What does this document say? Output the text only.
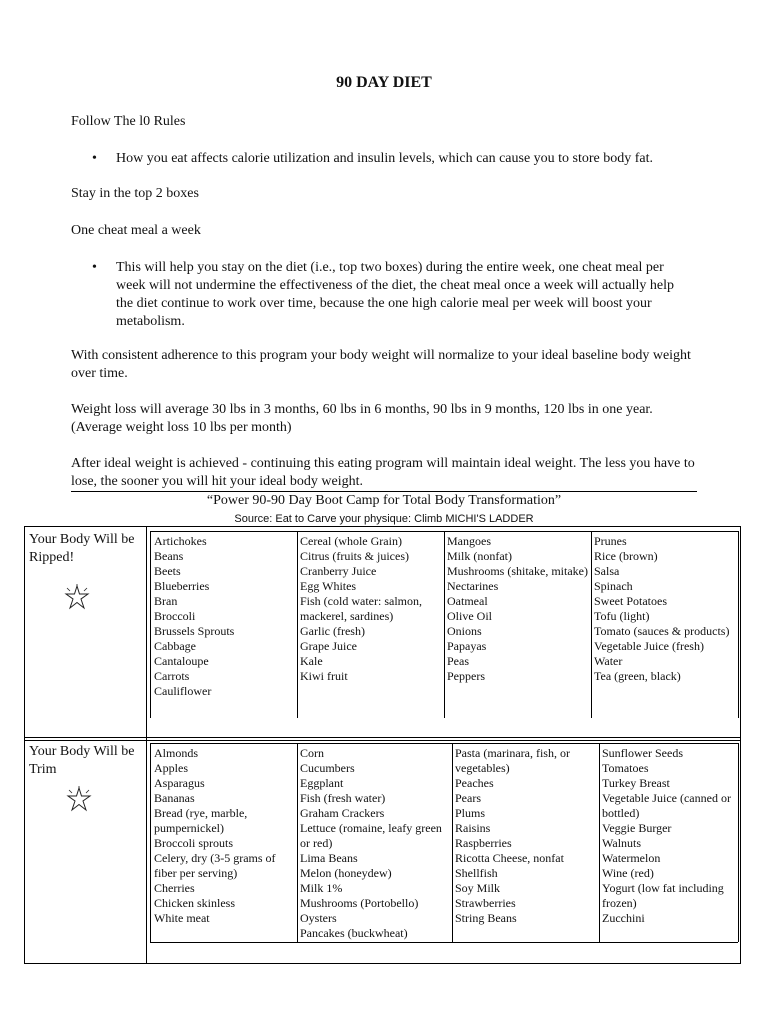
90 DAY DIET
Follow The l0 Rules
• How you eat affects calorie utilization and insulin levels, which can cause you to store body fat.
Stay in the top 2 boxes
One cheat meal a week
• This will help you stay on the diet (i.e., top two boxes) during the entire week, one cheat meal per week will not undermine the effectiveness of the diet, the cheat meal once a week will actually help the diet continue to work over time, because the one high calorie meal per week will boost your metabolism.
With consistent adherence to this program your body weight will normalize to your ideal baseline body weight over time.
Weight loss will average 30 lbs in 3 months, 60 lbs in 6 months, 90 lbs in 9 months, 120 lbs in one year. (Average weight loss 10 lbs per month)
After ideal weight is achieved - continuing this eating program will maintain ideal weight. The less you have to lose, the sooner you will hit your ideal body weight.
“Power 90-90 Day Boot Camp for Total Body Transformation”
Source: Eat to Carve your physique: Climb MICHI'S LADDER
Your Body Will be Ripped!
Your Body Will be Trim
Artichokes
Beans
Beets
Blueberries
Bran
Broccoli
Brussels Sprouts
Cabbage
Cantaloupe
Carrots
Cauliflower
Cereal (whole Grain)
Citrus (fruits & juices)
Cranberry Juice
Egg Whites
Fish (cold water: salmon, mackerel, sardines)
Garlic (fresh)
Grape Juice
Kale
Kiwi fruit
Mangoes
Milk (nonfat)
Mushrooms (shitake, mitake)
Nectarines
Oatmeal
Olive Oil
Onions
Papayas
Peas
Peppers
Prunes
Rice (brown)
Salsa
Spinach
Sweet Potatoes
Tofu (light)
Tomato (sauces & products)
Vegetable Juice (fresh)
Water
Tea (green, black)
Almonds
Apples
Asparagus
Bananas
Bread (rye, marble, pumpernickel)
Broccoli sprouts
Celery, dry (3-5 grams of fiber per serving)
Cherries
Chicken skinless
White meat
Corn
Cucumbers
Eggplant
Fish (fresh water)
Graham Crackers
Lettuce (romaine, leafy green or red)
Lima Beans
Melon (honeydew)
Milk 1%
Mushrooms (Portobello)
Oysters
Pancakes (buckwheat)
Pasta (marinara, fish, or vegetables)
Peaches
Pears
Plums
Raisins
Raspberries
Ricotta Cheese, nonfat
Shellfish
Soy Milk
Strawberries
String Beans
Sunflower Seeds
Tomatoes
Turkey Breast
Vegetable Juice (canned or bottled)
Veggie Burger
Walnuts
Watermelon
Wine (red)
Yogurt (low fat including frozen)
Zucchini
